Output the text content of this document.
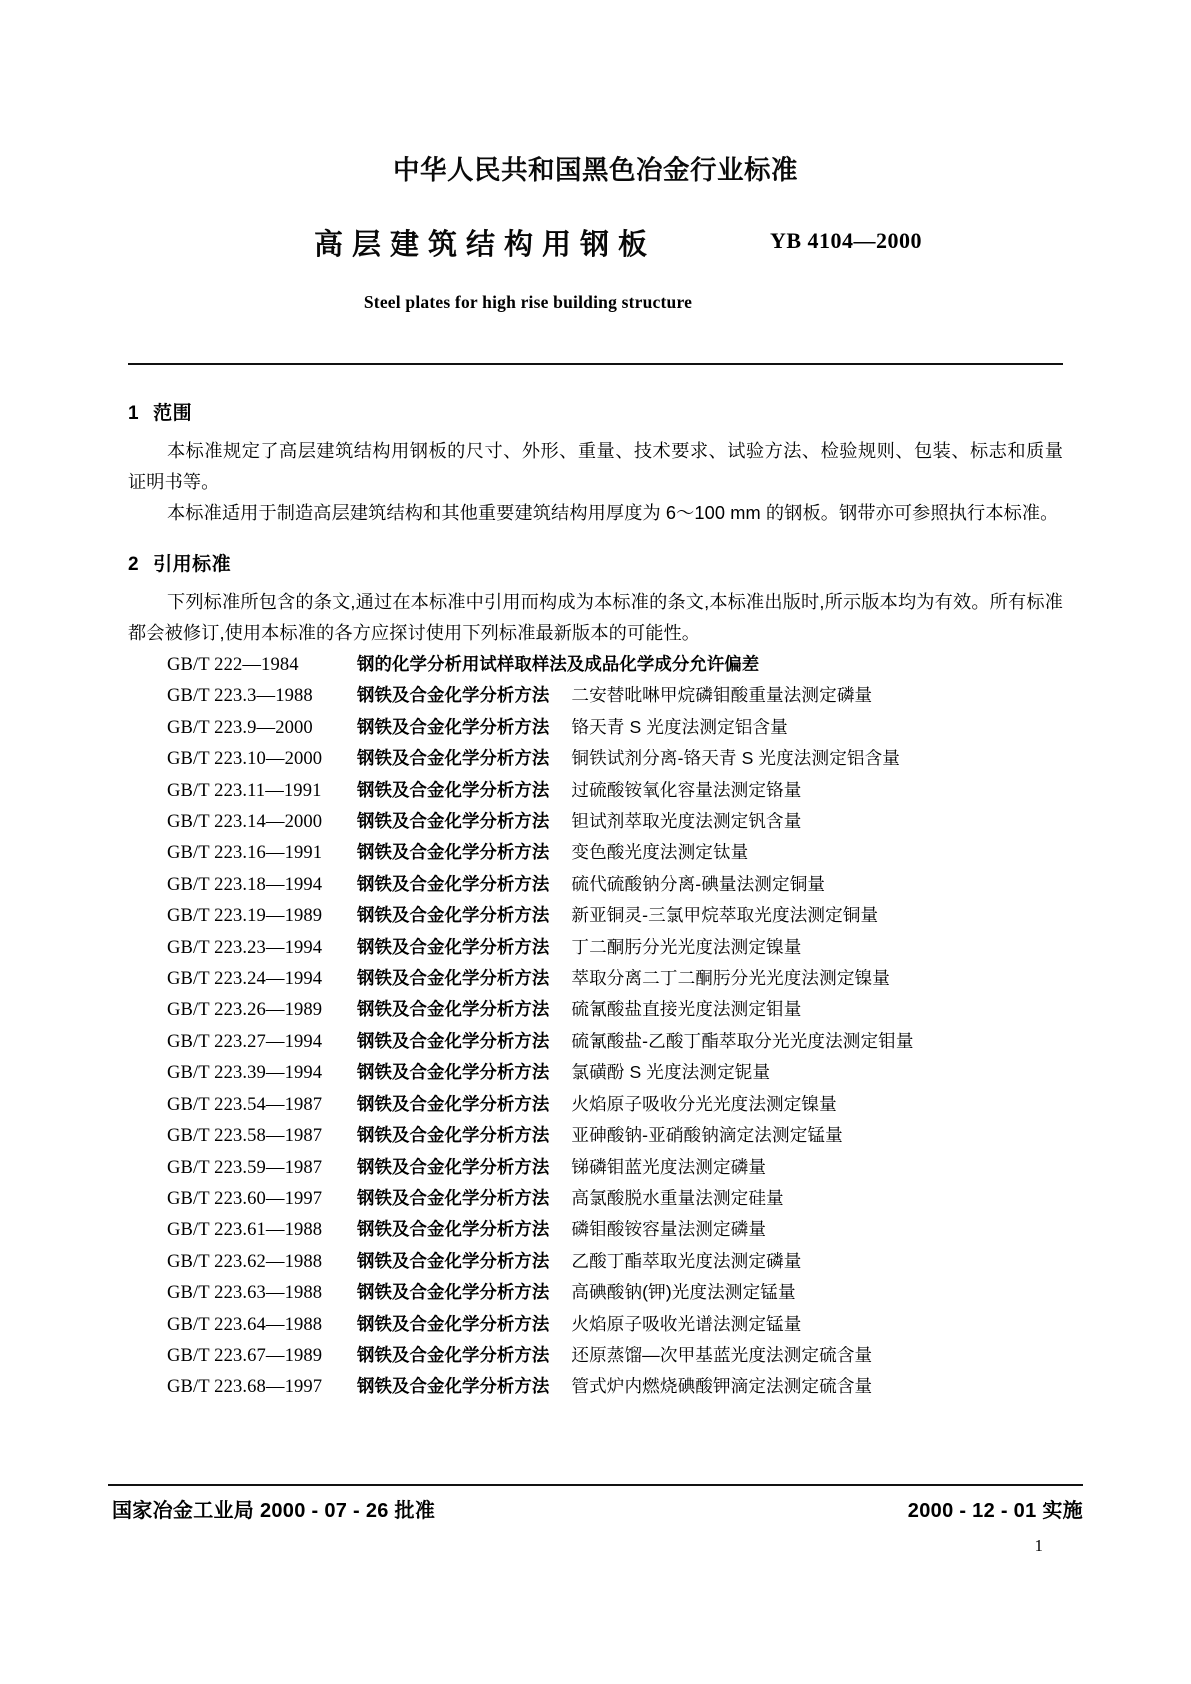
中华人民共和国黑色冶金行业标准
高层建筑结构用钢板	YB 4104—2000
Steel plates for high rise building structure
1 范围

本标准规定了高层建筑结构用钢板的尺寸、外形、重量、技术要求、试验方法、检验规则、包装、标志和质量证明书等。

本标准适用于制造高层建筑结构和其他重要建筑结构用厚度为 6～100 mm 的钢板。钢带亦可参照执行本标准。

2 引用标准

下列标准所包含的条文,通过在本标准中引用而构成为本标准的条文,本标准出版时,所示版本均为有效。所有标准都会被修订,使用本标准的各方应探讨使用下列标准最新版本的可能性。

GB/T 222—1984	钢的化学分析用试样取样法及成品化学成分允许偏差
GB/T 223.3—1988	钢铁及合金化学分析方法 二安替吡啉甲烷磷钼酸重量法测定磷量
GB/T 223.9—2000	钢铁及合金化学分析方法 铬天青 S 光度法测定铝含量
GB/T 223.10—2000 钢铁及合金化学分析方法 铜铁试剂分离-铬天青 S 光度法测定铝含量
GB/T 223.11—1991 钢铁及合金化学分析方法 过硫酸铵氧化容量法测定铬量
GB/T 223.14—2000 钢铁及合金化学分析方法 钽试剂萃取光度法测定钒含量
GB/T 223.16—1991 钢铁及合金化学分析方法 变色酸光度法测定钛量
GB/T 223.18—1994 钢铁及合金化学分析方法 硫代硫酸钠分离-碘量法测定铜量
GB/T 223.19—1989 钢铁及合金化学分析方法 新亚铜灵-三氯甲烷萃取光度法测定铜量
GB/T 223.23—1994 钢铁及合金化学分析方法 丁二酮肟分光光度法测定镍量
GB/T 223.24—1994 钢铁及合金化学分析方法 萃取分离二丁二酮肟分光光度法测定镍量
GB/T 223.26—1989 钢铁及合金化学分析方法 硫氰酸盐直接光度法测定钼量
GB/T 223.27—1994 钢铁及合金化学分析方法 硫氰酸盐-乙酸丁酯萃取分光光度法测定钼量
GB/T 223.39—1994 钢铁及合金化学分析方法 氯磺酚 S 光度法测定铌量
GB/T 223.54—1987 钢铁及合金化学分析方法 火焰原子吸收分光光度法测定镍量
GB/T 223.58—1987 钢铁及合金化学分析方法 亚砷酸钠-亚硝酸钠滴定法测定锰量
GB/T 223.59—1987 钢铁及合金化学分析方法 锑磷钼蓝光度法测定磷量
GB/T 223.60—1997 钢铁及合金化学分析方法 高氯酸脱水重量法测定硅量
GB/T 223.61—1988 钢铁及合金化学分析方法 磷钼酸铵容量法测定磷量
GB/T 223.62—1988 钢铁及合金化学分析方法 乙酸丁酯萃取光度法测定磷量
GB/T 223.63—1988 钢铁及合金化学分析方法 高碘酸钠(钾)光度法测定锰量
GB/T 223.64—1988 钢铁及合金化学分析方法 火焰原子吸收光谱法测定锰量
GB/T 223.67—1989 钢铁及合金化学分析方法 还原蒸馏—次甲基蓝光度法测定硫含量
GB/T 223.68—1997 钢铁及合金化学分析方法 管式炉内燃烧碘酸钾滴定法测定硫含量
国家冶金工业局 2000 - 07 - 26 批准	2000 - 12 - 01 实施
1
